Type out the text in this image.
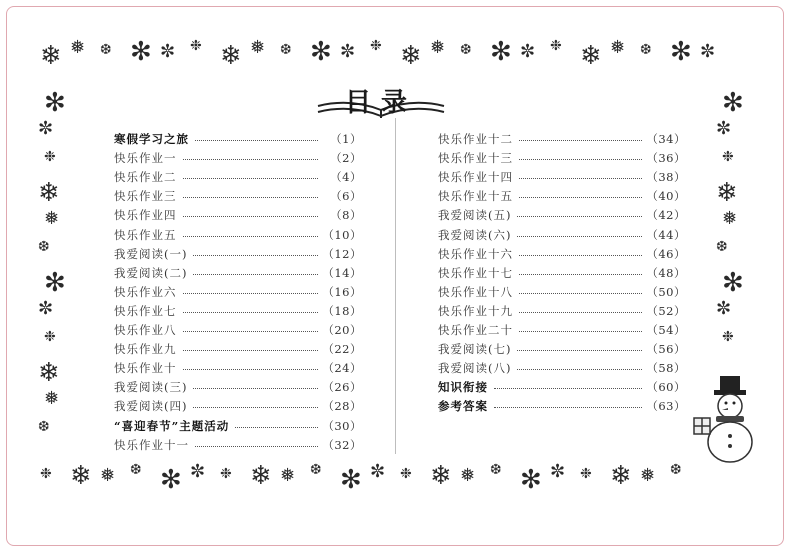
❄ ❅ ❆ ✻ ✼ ❉ ❄ ❅ ❆ ✻ ✼ ❉ ❄ ❅ ❆ ✻ ✼ ❉ ❄ ❅ ❆ ✻ ✼
❉ ❄ ❅ ❆ ✻ ✼ ❉ ❄ ❅ ❆ ✻ ✼ ❉ ❄ ❅ ❆ ✻ ✼ ❉ ❄ ❅ ❆
✻
✼
❉
❄
❅
❆
✻
✼
❉
❄
❅
❆
✻
✼
❉
❄
❅
❆
✻
✼
❉
目录
寒假学习之旅	（1）
快乐作业一	（2）
快乐作业二	（4）
快乐作业三	（6）
快乐作业四	（8）
快乐作业五	（10）
我爱阅读(一)	（12）
我爱阅读(二)	（14）
快乐作业六	（16）
快乐作业七	（18）
快乐作业八	（20）
快乐作业九	（22）
快乐作业十	（24）
我爱阅读(三)	（26）
我爱阅读(四)	（28）
“喜迎春节”主题活动	（30）
快乐作业十一	（32）
快乐作业十二	（34）
快乐作业十三	（36）
快乐作业十四	（38）
快乐作业十五	（40）
我爱阅读(五)	（42）
我爱阅读(六)	（44）
快乐作业十六	（46）
快乐作业十七	（48）
快乐作业十八	（50）
快乐作业十九	（52）
快乐作业二十	（54）
我爱阅读(七)	（56）
我爱阅读(八)	（58）
知识衔接	（60）
参考答案	（63）
